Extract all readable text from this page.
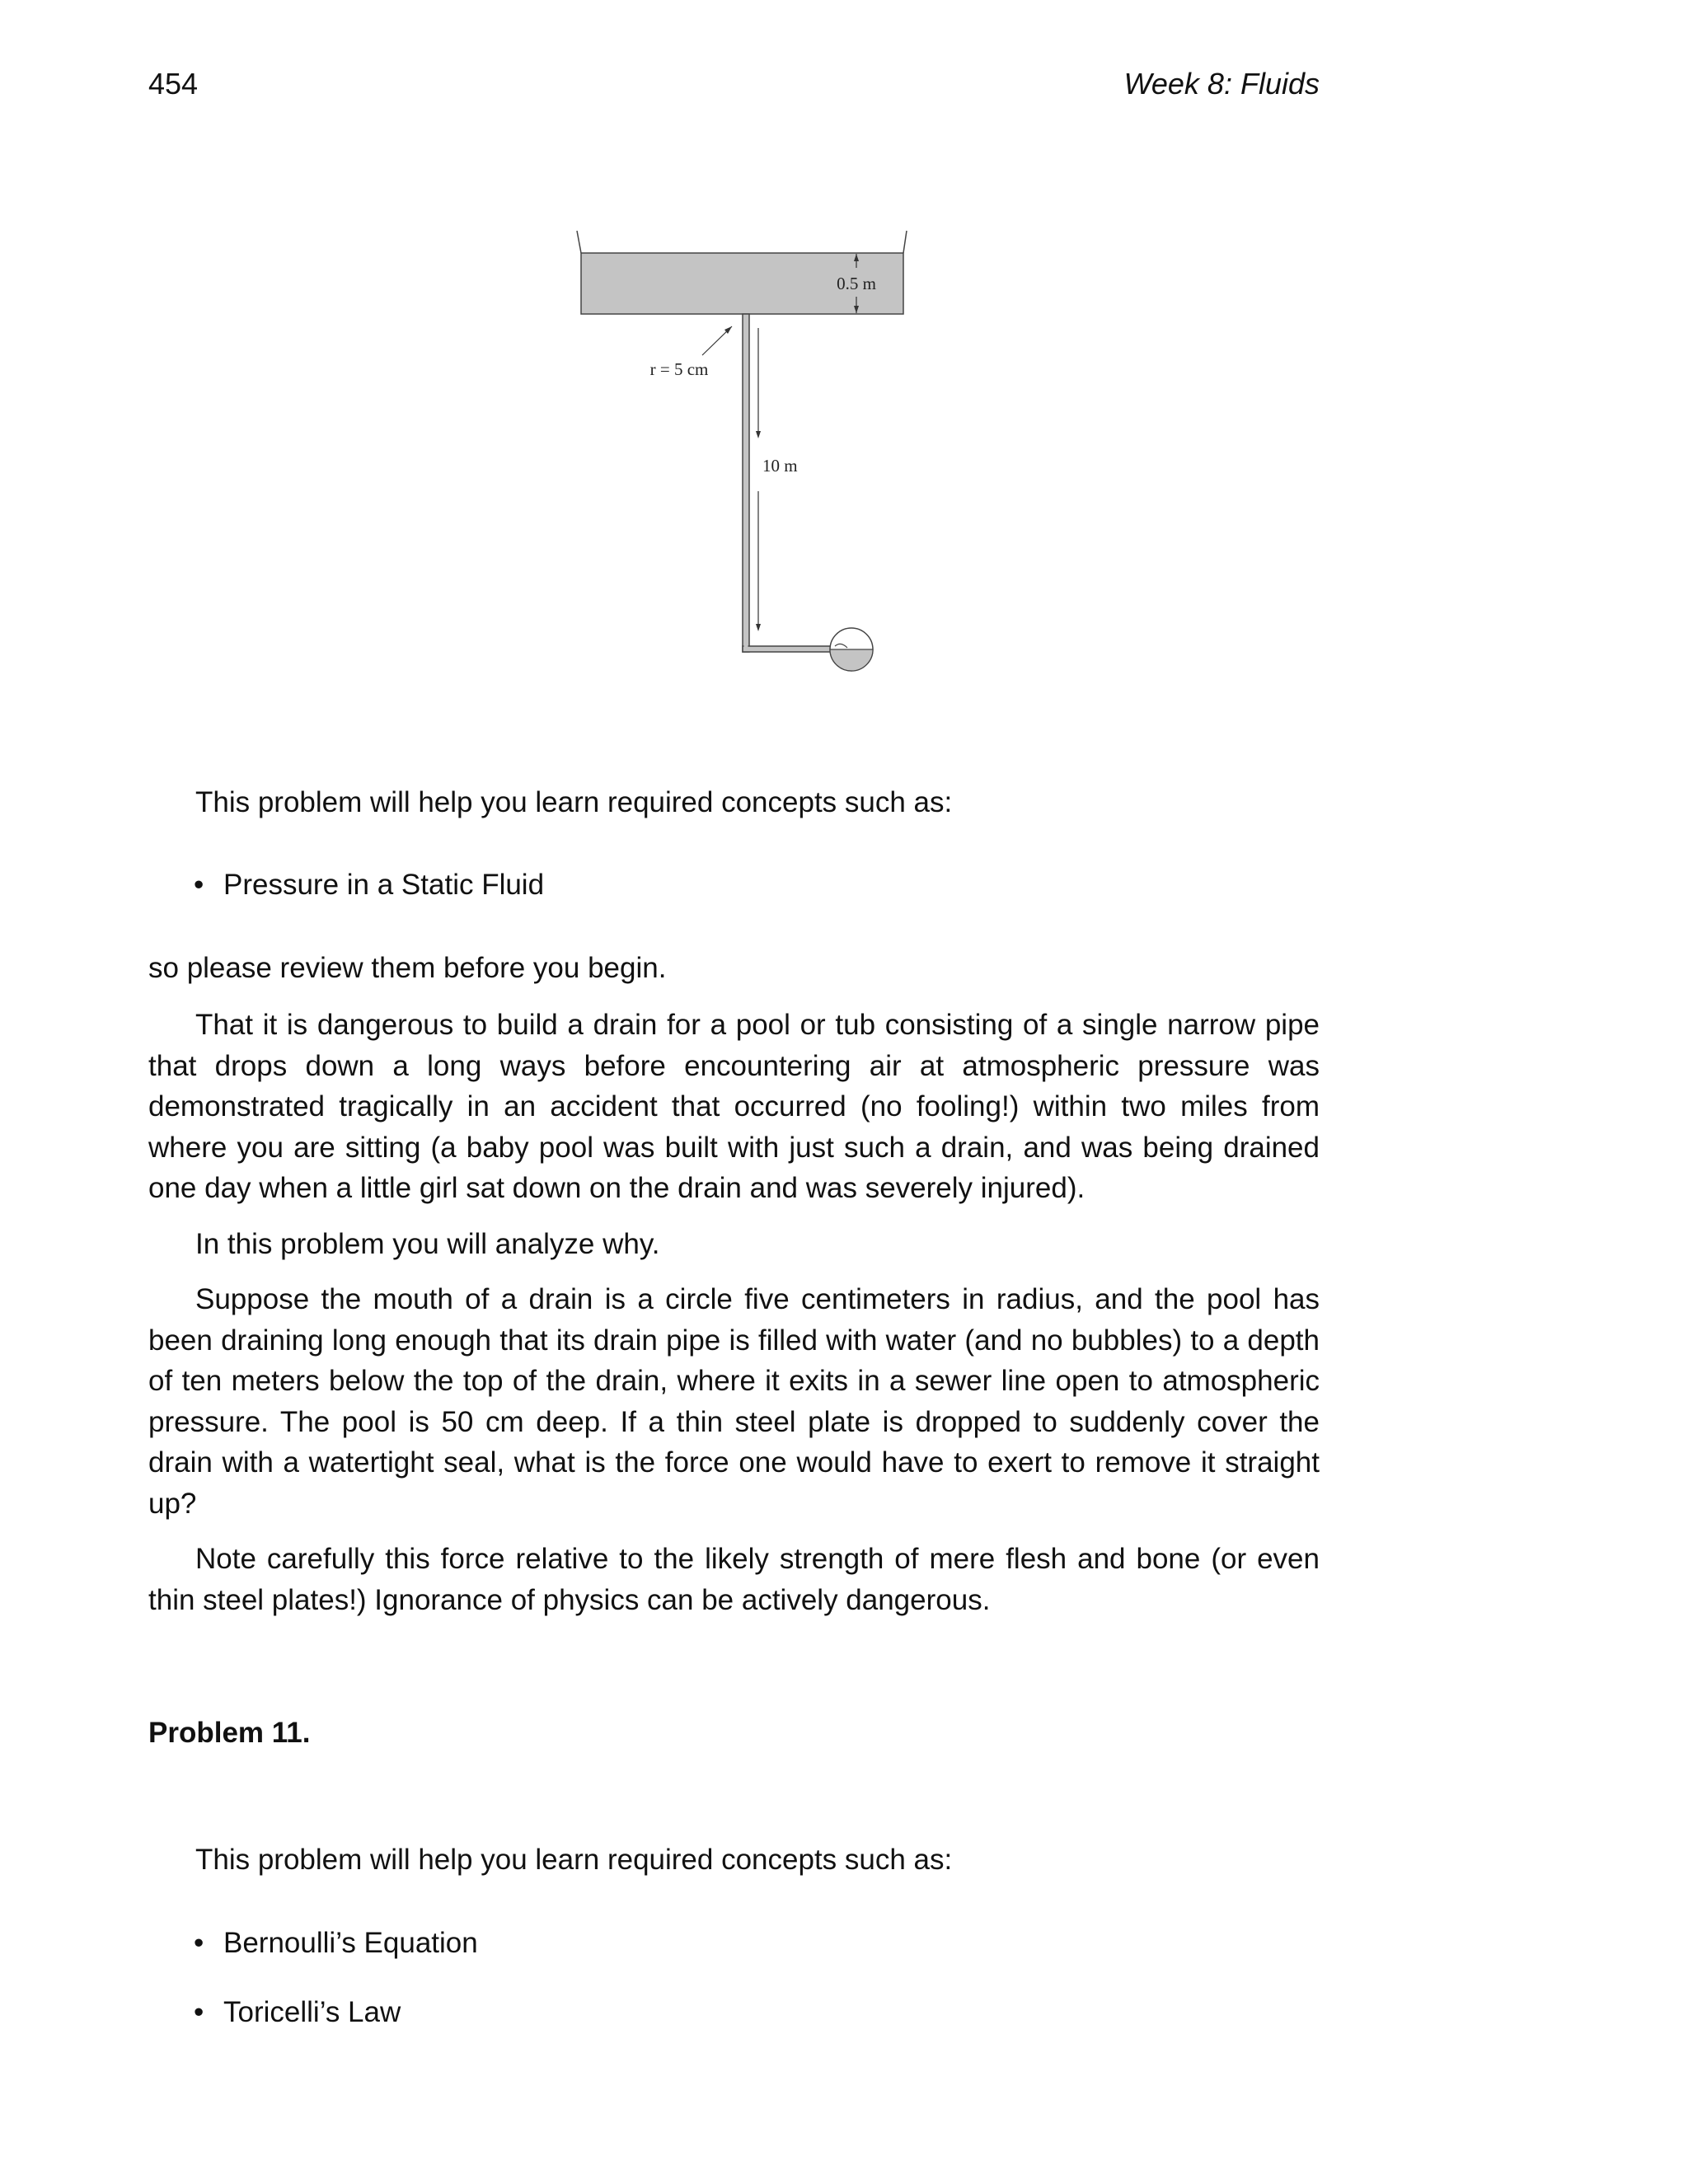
454	Week 8: Fluids
0.5 m
r = 5 cm
10 m
This problem will help you learn required concepts such as:
• Pressure in a Static Fluid
so please review them before you begin.
That it is dangerous to build a drain for a pool or tub consisting of a single narrow pipe that drops down a long ways before encountering air at atmospheric pressure was demonstrated tragically in an accident that occurred (no fooling!) within two miles from where you are sitting (a baby pool was built with just such a drain, and was being drained one day when a little girl sat down on the drain and was severely injured).
In this problem you will analyze why.
Suppose the mouth of a drain is a circle five centimeters in radius, and the pool has been draining long enough that its drain pipe is filled with water (and no bubbles) to a depth of ten meters below the top of the drain, where it exits in a sewer line open to atmospheric pressure. The pool is 50 cm deep. If a thin steel plate is dropped to suddenly cover the drain with a watertight seal, what is the force one would have to exert to remove it straight up?
Note carefully this force relative to the likely strength of mere flesh and bone (or even thin steel plates!) Ignorance of physics can be actively dangerous.
Problem 11.
This problem will help you learn required concepts such as:
• Bernoulli’s Equation
• Toricelli’s Law
